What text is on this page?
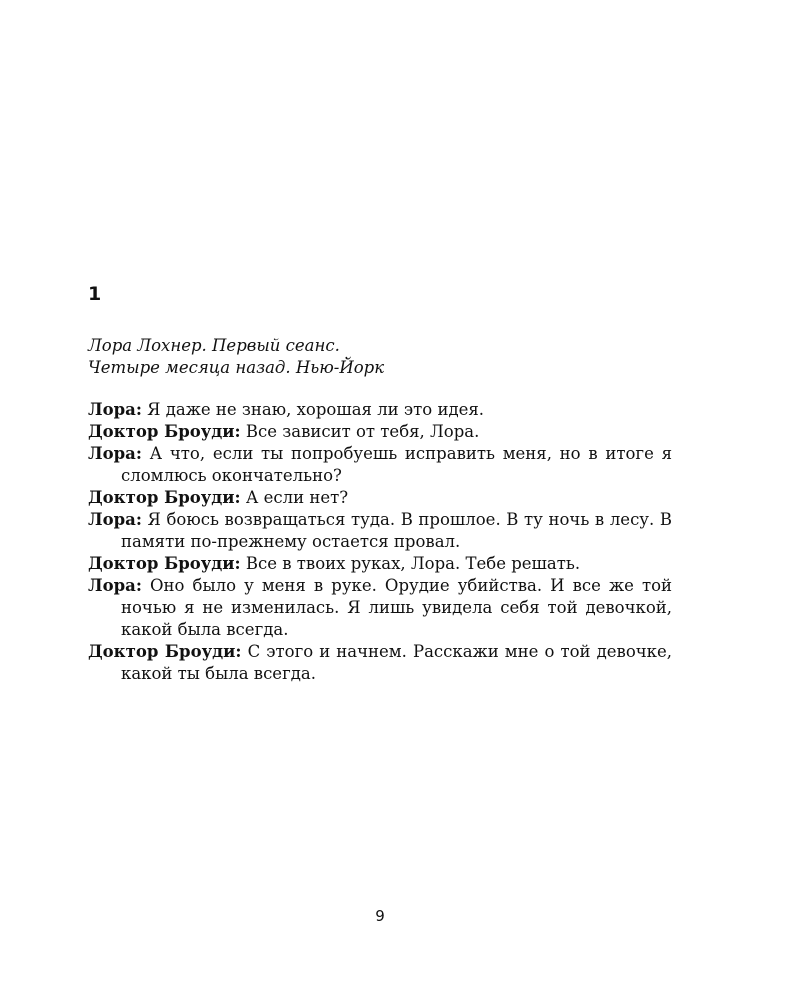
1
Лора Лохнер. Первый сеанс.
Четыре месяца назад. Нью-Йорк
Лора: Я даже не знаю, хорошая ли это идея.
Доктор Броуди: Все зависит от тебя, Лора.
Лора: А что, если ты попробуешь исправить меня, но в итоге я сломлюсь окончательно?
Доктор Броуди: А если нет?
Лора: Я боюсь возвращаться туда. В прошлое. В ту ночь в лесу. В памяти по-прежнему остается провал.
Доктор Броуди: Все в твоих руках, Лора. Тебе решать.
Лора: Оно было у меня в руке. Орудие убийства. И все же той ночью я не изменилась. Я лишь увидела себя той девочкой, какой была всегда.
Доктор Броуди: С этого и начнем. Расскажи мне о той девочке, какой ты была всегда.
9
